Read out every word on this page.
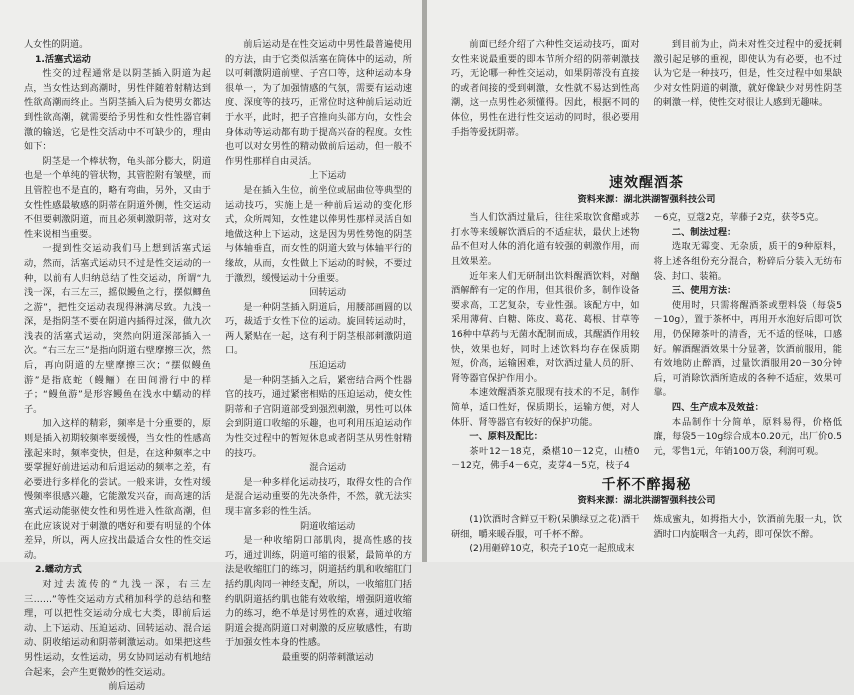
人女性的阴道。

1.活塞式运动

性交的过程通常是以阴茎插入阴道为起点，当女性达到高潮时，男性伴随着射精达到性欲高潮而终止。当阴茎插入后为使男女都达到性欲高潮，就需要给予男性和女性性器官刺激的输送，它是性交活动中不可缺少的，理由如下：

阴茎是一个棒状物，龟头部分膨大，阴道也是一个单纯的管状物，其管腔附有皱壁，而且管腔也不是直的，略有弯曲，另外，又由于女性性感最敏感的阴蒂在阴道外侧，性交运动不但要刺激阴道，而且必须刺激阴蒂，这对女性来说相当重要。

一提到性交运动我们马上想到活塞式运动，然而，活塞式运动只不过是性交运动的一种，以前有人归纳总结了性交运动，所谓“九浅一深，右三左三，摇似鳗鱼之行，摆似鲫鱼之游”，把性交运动表现得淋漓尽致。九浅一深，是指阴茎不要在阴道内插得过深，做九次浅表的活塞式运动，突然向阴道深部插入一次。“右三左三”是指向阴道右壁摩擦三次，然后，再向阴道的左壁摩擦三次；“摆似鳗鱼游”是指底蛇（鳗鲡）在田间滑行中的样子；“鳗鱼游”是形容鳗鱼在浅水中蠕动的样子。

加入这样的精彩，频率是十分重要的，原则是插入初期较频率要缓慢，当女性的性感高涨起来时，频率变快，但是，在这种频率之中要掌握好前进运动和后退运动的频率之差，有必要进行多样化的尝试。一般来讲，女性对缓慢频率很感兴趣，它能激发兴奋，而高速的活塞式运动能驱使女性和男性进入性欲高潮，但在此应该说对于刺激的嗜好和要有明显的个体差异，所以，两人应找出最适合女性的性交运动。

2.蠕动方式

对过去流传的“九浅一深，右三左三……”等性交运动方式稍加科学的总结和整理，可以把性交运动分成七大类，即前后运动、上下运动、压迫运动、回转运动、混合运动、阴收缩运动和阴蒂刺激运动。如果把这些男性运动，女性运动，男女协同运动有机地结合起来，会产生更微妙的性交运动。

前后运动

前后运动是在性交运动中男性最普遍使用的方法，由于它类似活塞在筒体中的运动，所以可刺激阴道前壁、子宫口等，这种运动本身很单一，为了加强情感的气氛，需要有运动速度、深度等的技巧，正常位时这种前后运动近于水平，此时，把子宫推向头部方向，女性会身体动等运动都有助于提高兴奋的程度。女性也可以对女男性的精动做前后运动，但一般不作男性那样自由灵活。

上下运动

是在插入生位，前坐位或屈曲位等典型的运动技巧，实施上是一种前后运动的变化形式，众所周知，女性建以俸男性那样灵活自如地做这种上下运动，这是因为男性势饱的阴茎与体轴垂直，而女性的阴道大致与体轴平行的缘故，从而，女性做上下运动的时候，不要过于激烈，缓慢运动十分重要。

回转运动

是一种阴茎插入阴道后，用腰部画圆的以巧，裁适于女性下位的运动。旋回转运动时，两人紧贴在一起，这有利于阴茎根部刺激阴道口。

压迫运动

是一种阴茎插入之后，紧密结合两个性器官的技巧，通过紧密相贴的压迫运动，使女性阴蒂和子宫阴道部受到强烈刺激，男性可以体会到阴道口收缩的乐趣，也可利用压迫运动作为性交过程中的暂短休息或者阴茎从男性射精的技巧。

混合运动

是一种多样化运动技巧，取得女性的合作是混合运动重要的先决条件，不然，就无法实现丰富多彩的性生活。

阴道收缩运动

是一种收缩阴口部肌肉，提高性感的技巧，通过训练，阴道可缩的很紧，最简单的方法是收缩肛门的练习，阴道括约肌和收缩肛门括约肌肉同一神经支配，所以，一收缩肛门括约肌阴道括约肌也能有效收缩，增强阴道收缩力的练习，绝不单是讨男性的欢喜，通过收缩阴道会提高阴道口对刺激的反应敏感性，有助于加强女性本身的性感。

最重要的阴蒂刺激运动

前面已经介绍了六种性交运动技巧，面对女性来说最重要的即本节所介绍的阴蒂刺激技巧，无论哪一种性交运动，如果阴蒂没有直接的或者间接的受到刺激，女性就不易达到性高潮，这一点男性必须懂得。因此，根据不同的体位，男性在进行性交运动的同时，很必要用手指等爱抚阴蒂。

到目前为止，尚未对性交过程中的爱抚刺激引起足够的重视，即使认为有必要，也不过认为它是一种技巧，但是，性交过程中如果缺少对女性阴道的刺激，就好像缺少对男性阴茎的刺激一样，使性交对很让人感到无趣味。

速效醒酒茶
资料来源：湖北洪湖智强科技公司

当人们饮酒过量后，往往采取饮食醋或苏打水等来缓解饮酒后的不适症状，最伏上述物品不但对人体的消化道有较强的刺激作用，而且效果差。

近年来人们无研制出饮料醒酒饮料，对酗酒解醉有一定的作用，但其很价多，制作设备要求高，工艺复杂，专业性强。该配方中，如采用薄荷、白糖、陈皮、葛花、葛根、甘草等16种中草药与无菌水配制而成，其醒酒作用较快，效果也好，同时上述饮料均存在保质期短，价高，运输困难，对饮酒过量人员的肝、肾等器官保护作用小。

本速效醒酒茶克服现有技术的不足，制作简单，适口性好，保质期长，运输方便，对人体肝、肾等器官有较好的保护功能。

一、原料及配比：

茶叶12－18克，桑椹10－12克，山楂0－12克，佛手4－6克，麦芽4－5克，枝子4

－6克，豆蔻2克，苹藤子2克，获苓5克。

二、制法过程：

选取无霉变、无杂质，质干的9种原料，将上述各组份充分混合，粉碎后分装入无纺布袋、封口、装箱。

三、使用方法：

使用时，只需将醒酒茶或塑料袋（每袋5－10g），置于茶杯中，再用开水泡好后即可饮用，仍保障茶叶的清香，无不适的怪味，口感好。解酒醒酒效果十分显著，饮酒前服用，能有效地防止醉酒，过量饮酒服用20－30分钟后，可消除饮酒所造成的各种不适症，效果可靠。

四、生产成本及效益：

本品制作十分简单，原料易得，价格低廉，每袋5－10g综合成本0.20元，出厂价0.5元，零售1元，年销100万袋，利润可观。

千杯不醉揭秘
资料来源：湖北洪湖智强科技公司

(1)饮酒时含鲜豆干粉(呆腆绿豆之花)酒干研细，嚼来暖吞服，可千杯不醉。

(2)用砸碎10克，积壳子10克一起煎成末

炼成蜜丸，如拇指大小，饮酒前先服一丸，饮酒时口内旋咽含一丸药，即可保饮不醉。
